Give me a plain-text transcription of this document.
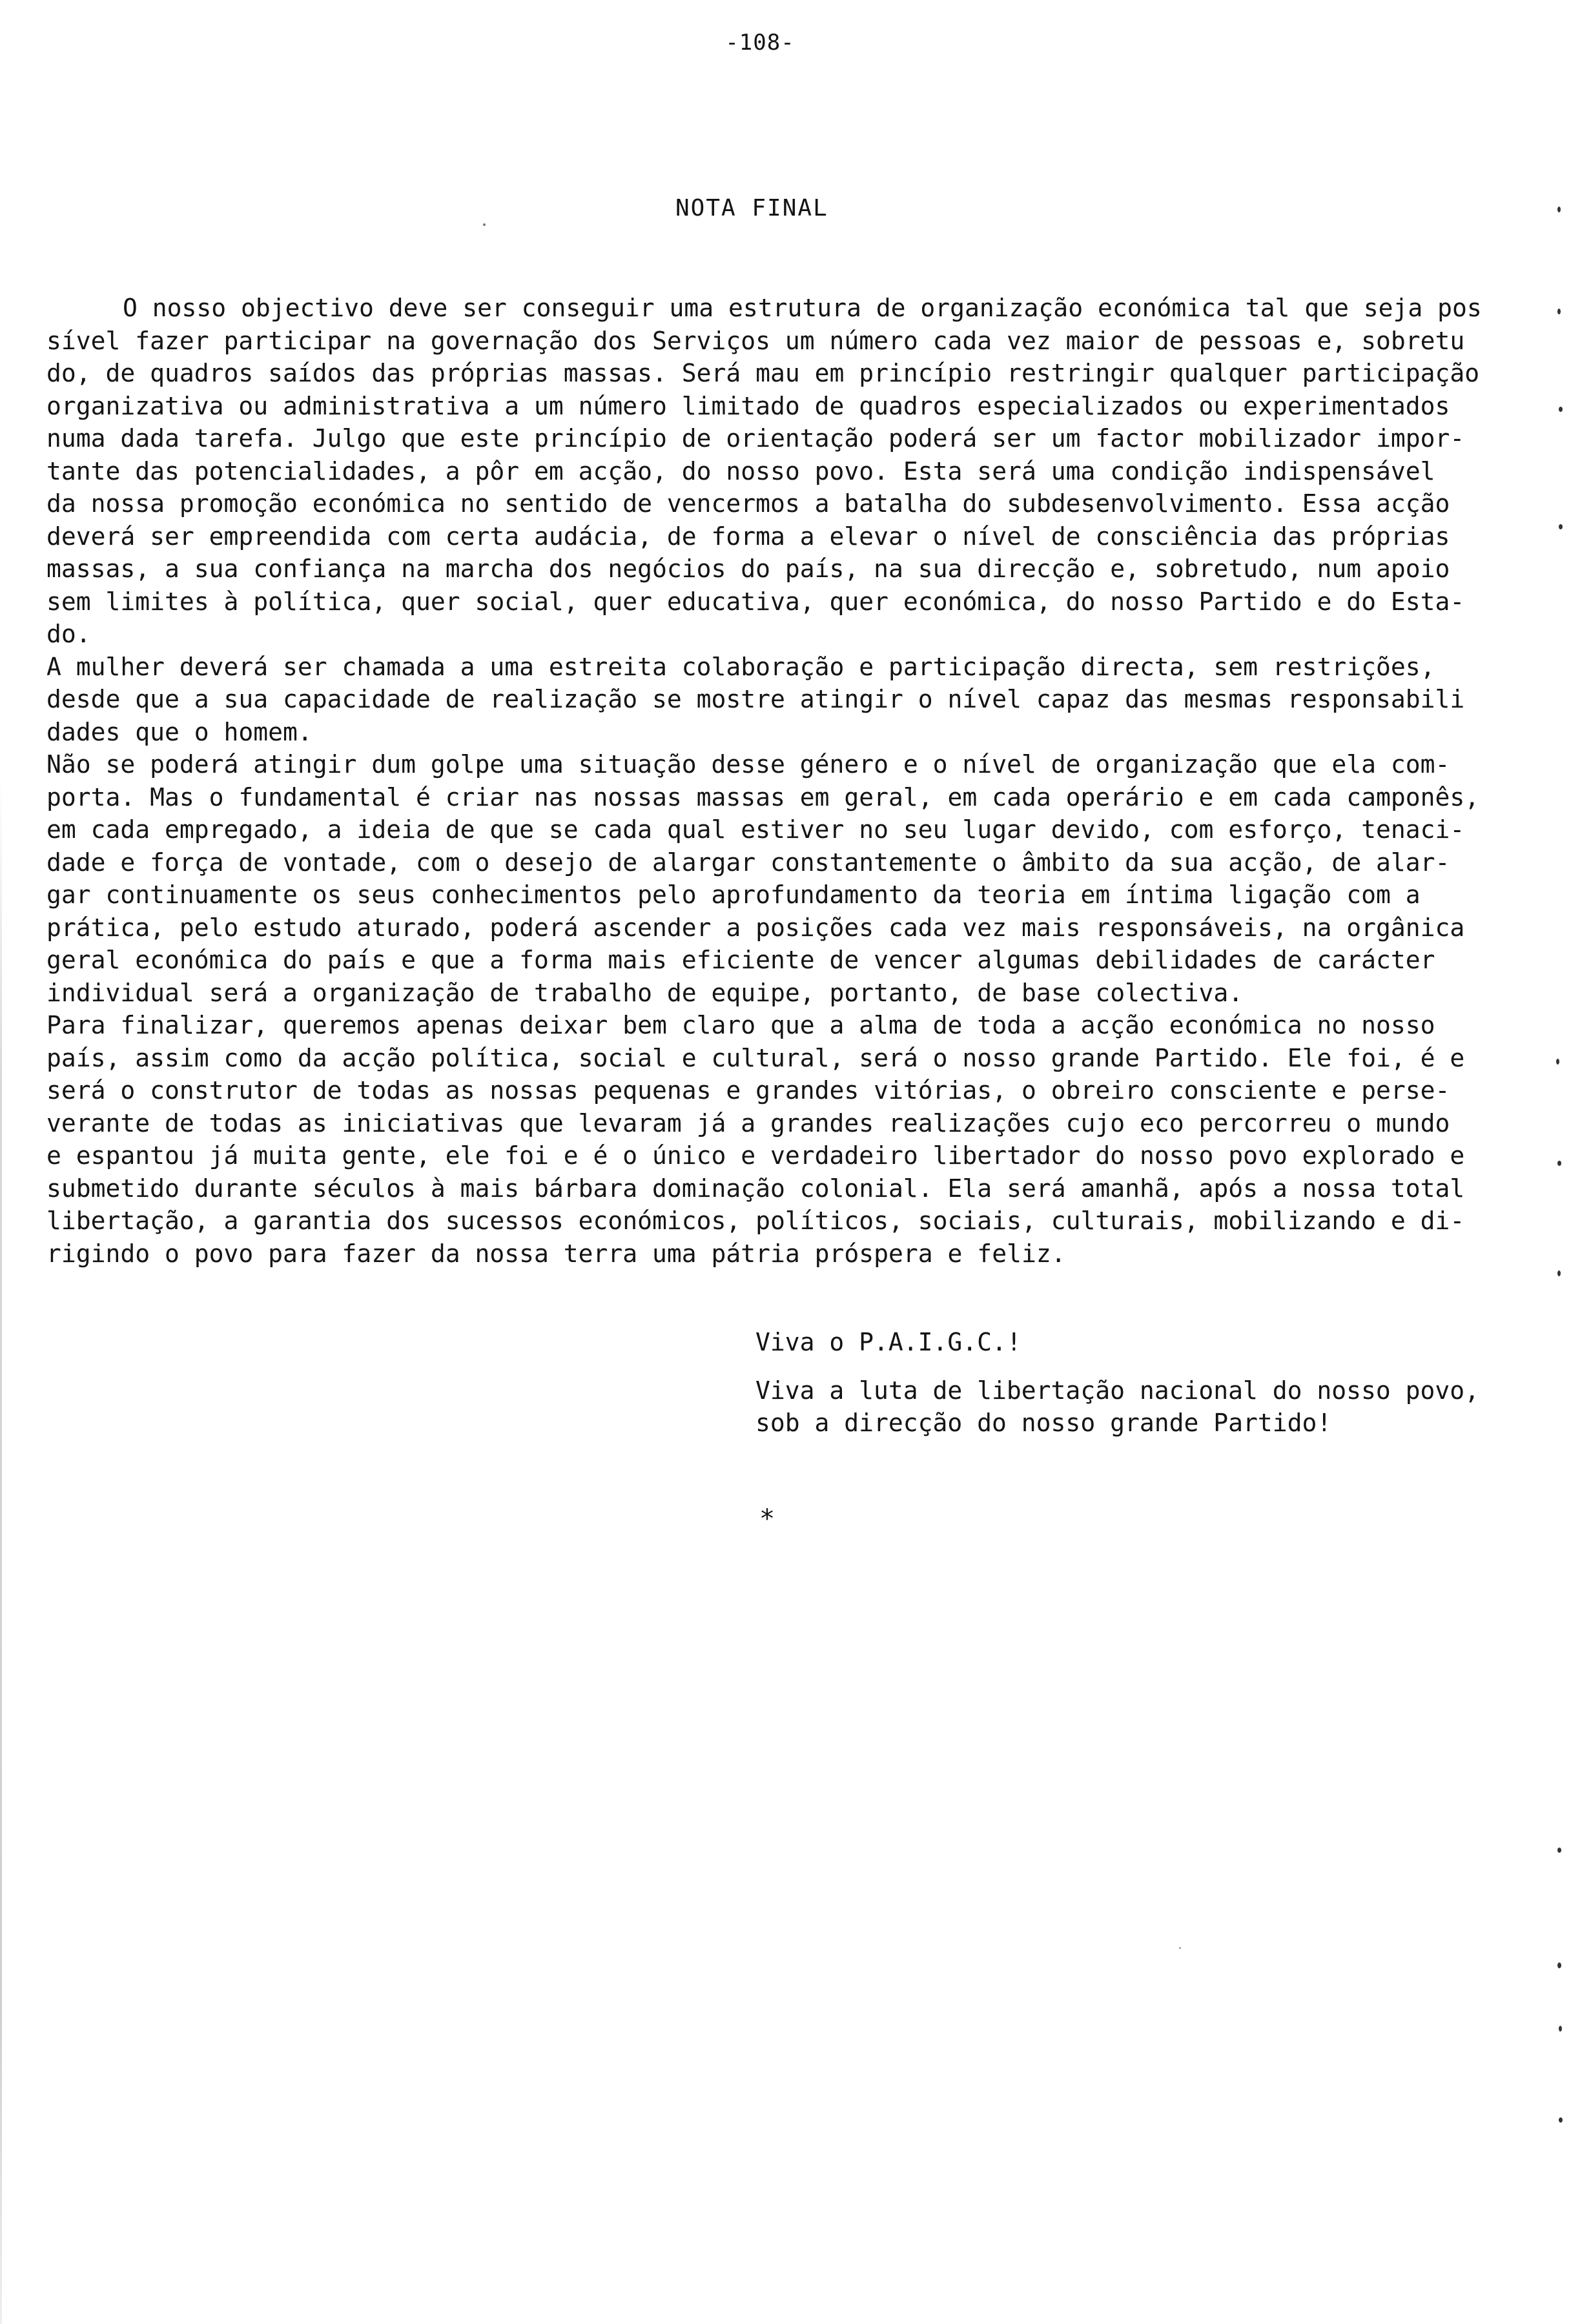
-108-
NOTA FINAL
O nosso objectivo deve ser conseguir uma estrutura de organização económica tal que seja pos
sível fazer participar na governação dos Serviços um número cada vez maior de pessoas e, sobretu
do, de quadros saídos das próprias massas. Será mau em princípio restringir qualquer participação
organizativa ou administrativa a um número limitado de quadros especializados ou experimentados
numa dada tarefa. Julgo que este princípio de orientação poderá ser um factor mobilizador impor-
tante das potencialidades, a pôr em acção, do nosso povo. Esta será uma condição indispensável
da nossa promoção económica no sentido de vencermos a batalha do subdesenvolvimento. Essa acção
deverá ser empreendida com certa audácia, de forma a elevar o nível de consciência das próprias
massas, a sua confiança na marcha dos negócios do país, na sua direcção e, sobretudo, num apoio
sem limites à política, quer social, quer educativa, quer económica, do nosso Partido e do Esta-
do.
A mulher deverá ser chamada a uma estreita colaboração e participação directa, sem restrições,
desde que a sua capacidade de realização se mostre atingir o nível capaz das mesmas responsabili
dades que o homem.
Não se poderá atingir dum golpe uma situação desse género e o nível de organização que ela com-
porta. Mas o fundamental é criar nas nossas massas em geral, em cada operário e em cada camponês,
em cada empregado, a ideia de que se cada qual estiver no seu lugar devido, com esforço, tenaci-
dade e força de vontade, com o desejo de alargar constantemente o âmbito da sua acção, de alar-
gar continuamente os seus conhecimentos pelo aprofundamento da teoria em íntima ligação com a
prática, pelo estudo aturado, poderá ascender a posições cada vez mais responsáveis, na orgânica
geral económica do país e que a forma mais eficiente de vencer algumas debilidades de carácter
individual será a organização de trabalho de equipe, portanto, de base colectiva.
Para finalizar, queremos apenas deixar bem claro que a alma de toda a acção económica no nosso
país, assim como da acção política, social e cultural, será o nosso grande Partido. Ele foi, é e
será o construtor de todas as nossas pequenas e grandes vitórias, o obreiro consciente e perse-
verante de todas as iniciativas que levaram já a grandes realizações cujo eco percorreu o mundo
e espantou já muita gente, ele foi e é o único e verdadeiro libertador do nosso povo explorado e
submetido durante séculos à mais bárbara dominação colonial. Ela será amanhã, após a nossa total
libertação, a garantia dos sucessos económicos, políticos, sociais, culturais, mobilizando e di-
rigindo o povo para fazer da nossa terra uma pátria próspera e feliz.
Viva o P.A.I.G.C.!
Viva a luta de libertação nacional do nosso povo,
sob a direcção do nosso grande Partido!
*
